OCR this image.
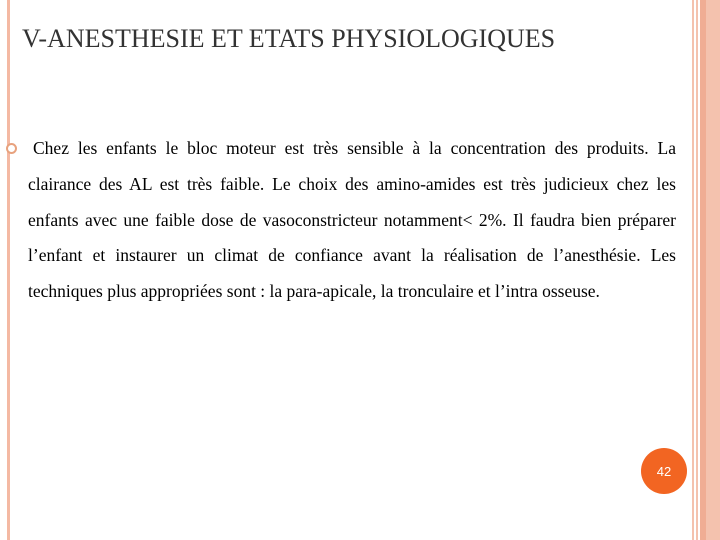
V-ANESTHESIE ET ETATS PHYSIOLOGIQUES

Chez les enfants le bloc moteur est très sensible à la concentration des produits. La clairance des AL est très faible. Le choix des amino-amides est très judicieux chez les enfants avec une faible dose de vasoconstricteur notamment< 2%. Il faudra bien préparer l’enfant et instaurer un climat de confiance avant la réalisation de l’anesthésie. Les techniques plus appropriées sont : la para-apicale, la tronculaire et l’intra osseuse.

42
